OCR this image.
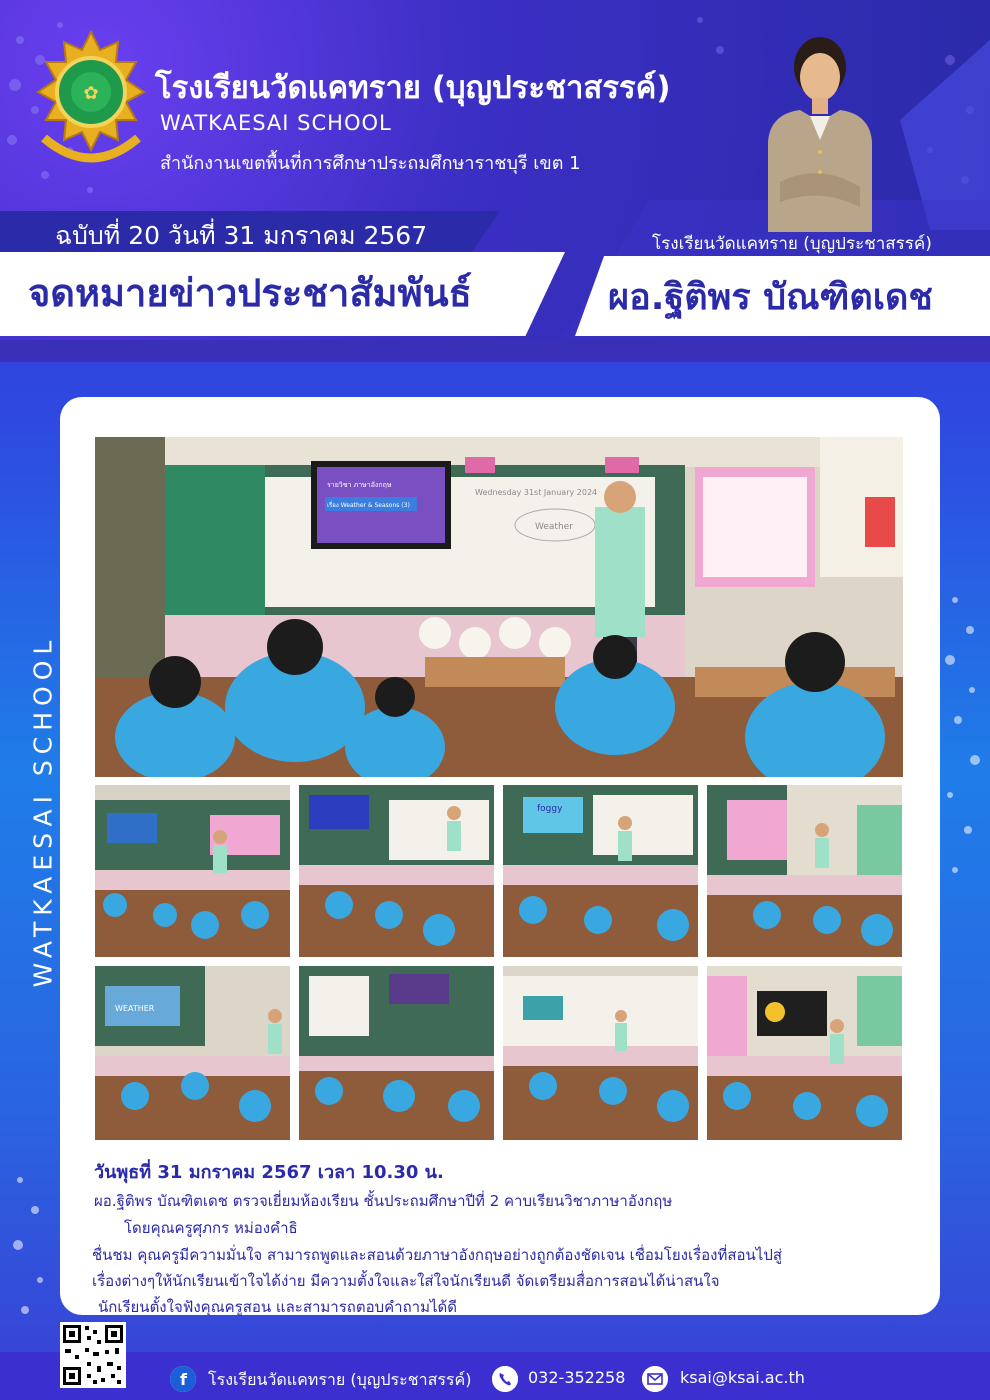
✿ โรงเรียนวัดแคทราย (บุญประชาสรรค์)
WATKAESAI SCHOOL
สำนักงานเขตพื้นที่การศึกษาประถมศึกษาราชบุรี เขต 1
ฉบับที่ 20 วันที่ 31 มกราคม 2567
จดหมายข่าวประชาสัมพันธ์
โรงเรียนวัดแคทราย (บุญประชาสรรค์)
ผอ.ฐิติพร บัณฑิตเดช
WATKAESAI SCHOOL
รายวิชา ภาษาอังกฤษ
เรื่อง Weather & Seasons (3)
Wednesday 31st January 2024
Weather
foggy
WEATHER
วันพุธที่ 31 มกราคม 2567 เวลา 10.30 น.
ผอ.ฐิติพร บัณฑิตเดช ตรวจเยี่ยมห้องเรียน ชั้นประถมศึกษาปีที่ 2 คาบเรียนวิชาภาษาอังกฤษ
โดยคุณครูศุภกร หม่องคำธิ
ชื่นชม คุณครูมีความมั่นใจ สามารถพูดและสอนด้วยภาษาอังกฤษอย่างถูกต้องชัดเจน เชื่อมโยงเรื่องที่สอนไปสู่
เรื่องต่างๆให้นักเรียนเข้าใจได้ง่าย มีความตั้งใจและใส่ใจนักเรียนดี จัดเตรียมสื่อการสอนได้น่าสนใจ
นักเรียนตั้งใจฟังคุณครูสอน และสามารถตอบคำถามได้ดี
f โรงเรียนวัดแคทราย (บุญประชาสรรค์)	032-352258	ksai@ksai.ac.th
